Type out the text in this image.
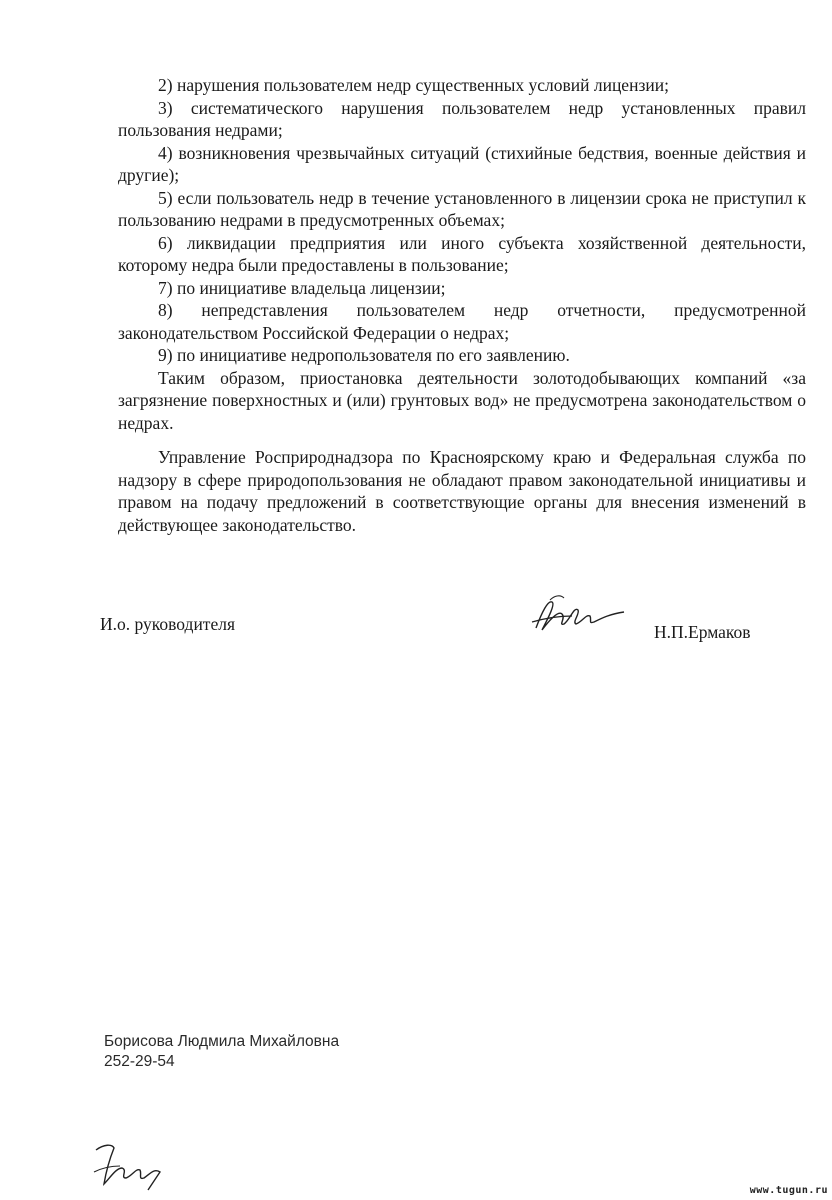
2) нарушения пользователем недр существенных условий лицензии;

3) систематического нарушения пользователем недр установленных правил пользования недрами;

4) возникновения чрезвычайных ситуаций (стихийные бедствия, военные действия и другие);

5) если пользователь недр в течение установленного в лицензии срока не приступил к пользованию недрами в предусмотренных объемах;

6) ликвидации предприятия или иного субъекта хозяйственной деятельности, которому недра были предоставлены в пользование;

7) по инициативе владельца лицензии;

8) непредставления пользователем недр отчетности, предусмотренной законодательством Российской Федерации о недрах;

9) по инициативе недропользователя по его заявлению.

Таким образом, приостановка деятельности золотодобывающих компаний «за загрязнение поверхностных и (или) грунтовых вод» не предусмотрена законодательством о недрах.

Управление Росприроднадзора по Красноярскому краю и Федеральная служба по надзору в сфере природопользования не обладают правом законодательной инициативы и правом на подачу предложений в соответствующие органы для внесения изменений в действующее законодательство.

И.о. руководителя	Н.П.Ермаков
Борисова Людмила Михайловна
252-29-54
www.tugun.ru
